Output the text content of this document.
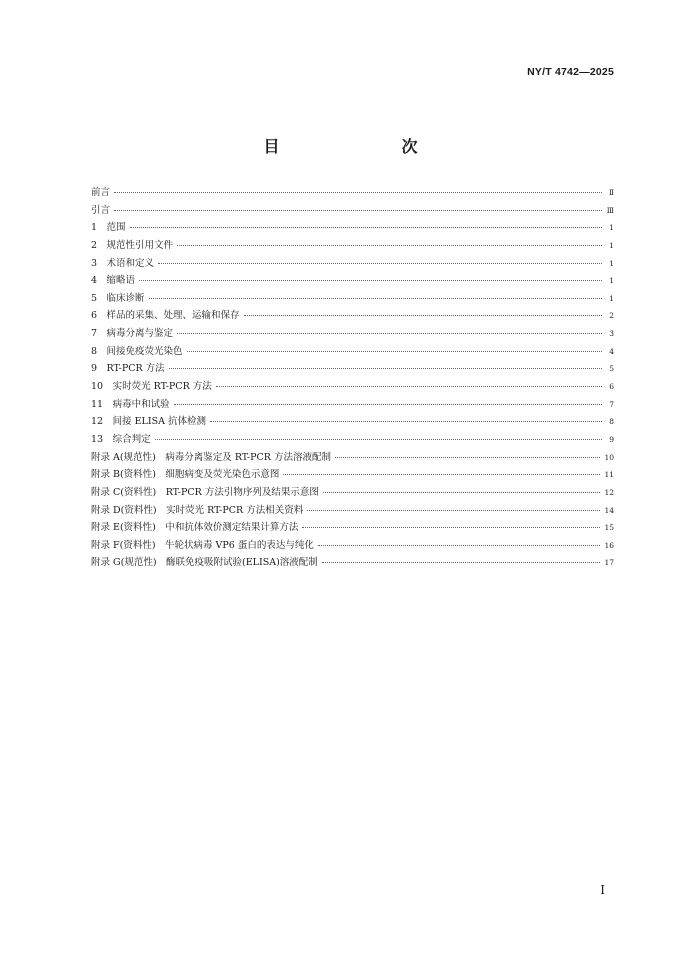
NY/T 4742—2025
目　　次
前言	Ⅱ
引言	Ⅲ
1　范围	1
2　规范性引用文件	1
3　术语和定义	1
4　缩略语	1
5　临床诊断	1
6　样品的采集、处理、运输和保存	2
7　病毒分离与鉴定	3
8　间接免疫荧光染色	4
9　RT-PCR 方法	5
10　实时荧光 RT-PCR 方法	6
11　病毒中和试验	7
12　间接 ELISA 抗体检测	8
13　综合判定	9
附录 A(规范性)　病毒分离鉴定及 RT-PCR 方法溶液配制	10
附录 B(资料性)　细胞病变及荧光染色示意图	11
附录 C(资料性)　RT-PCR 方法引物序列及结果示意图	12
附录 D(资料性)　实时荧光 RT-PCR 方法相关资料	14
附录 E(资料性)　中和抗体效价测定结果计算方法	15
附录 F(资料性)　牛轮状病毒 VP6 蛋白的表达与纯化	16
附录 G(规范性)　酶联免疫吸附试验(ELISA)溶液配制	17
Ⅰ
